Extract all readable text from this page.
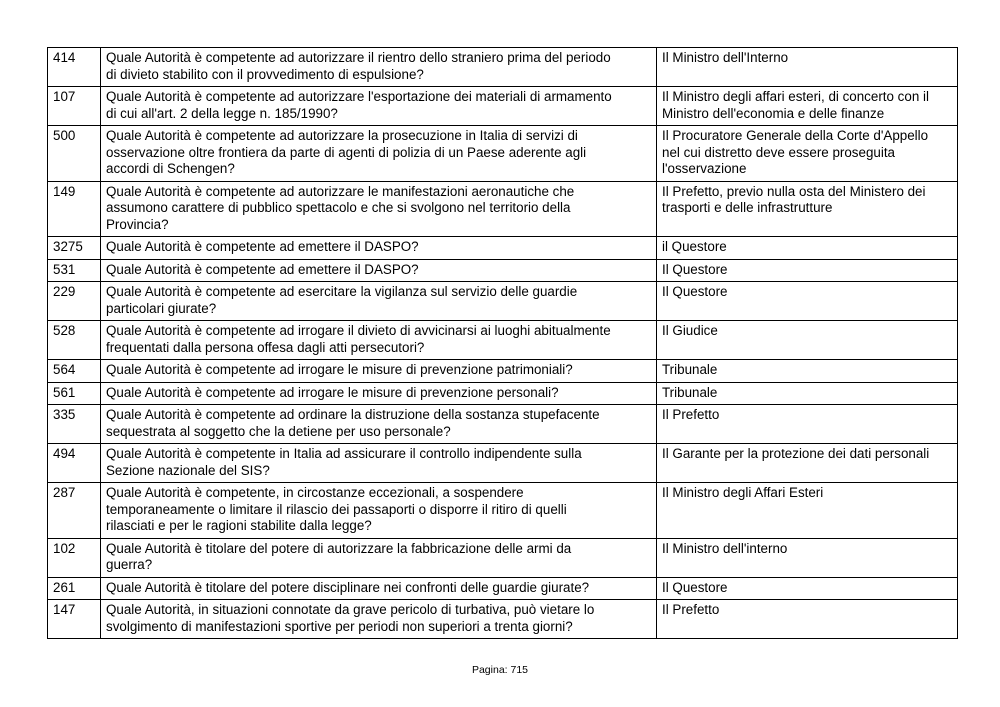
414	Quale Autorità è competente ad autorizzare il rientro dello straniero prima del periodo
di divieto stabilito con il provvedimento di espulsione?	Il Ministro dell'Interno
107	Quale Autorità è competente ad autorizzare l'esportazione dei materiali di armamento
di cui all'art. 2 della legge n. 185/1990?	Il Ministro degli affari esteri, di concerto con il
Ministro dell'economia e delle finanze
500	Quale Autorità è competente ad autorizzare la prosecuzione in Italia di servizi di
osservazione oltre frontiera da parte di agenti di polizia di un Paese aderente agli
accordi di Schengen?	Il Procuratore Generale della Corte d'Appello
nel cui distretto deve essere proseguita
l'osservazione
149	Quale Autorità è competente ad autorizzare le manifestazioni aeronautiche che
assumono carattere di pubblico spettacolo e che si svolgono nel territorio della
Provincia?	Il Prefetto, previo nulla osta del Ministero dei
trasporti e delle infrastrutture
3275	Quale Autorità è competente ad emettere il DASPO?	il Questore
531	Quale Autorità è competente ad emettere il DASPO?	Il Questore
229	Quale Autorità è competente ad esercitare la vigilanza sul servizio delle guardie
particolari giurate?	Il Questore
528	Quale Autorità è competente ad irrogare il divieto di avvicinarsi ai luoghi abitualmente
frequentati dalla persona offesa dagli atti persecutori?	Il Giudice
564	Quale Autorità è competente ad irrogare le misure di prevenzione patrimoniali?	Tribunale
561	Quale Autorità è competente ad irrogare le misure di prevenzione personali?	Tribunale
335	Quale Autorità è competente ad ordinare la distruzione della sostanza stupefacente
sequestrata al soggetto che la detiene per uso personale?	Il Prefetto
494	Quale Autorità è competente in Italia ad assicurare il controllo indipendente sulla
Sezione nazionale del SIS?	Il Garante per la protezione dei dati personali
287	Quale Autorità è competente, in circostanze eccezionali, a sospendere
temporaneamente o limitare il rilascio dei passaporti o disporre il ritiro di quelli
rilasciati e per le ragioni stabilite dalla legge?	Il Ministro degli Affari Esteri
102	Quale Autorità è titolare del potere di autorizzare la fabbricazione delle armi da
guerra?	Il Ministro dell'interno
261	Quale Autorità è titolare del potere disciplinare nei confronti delle guardie giurate?	Il Questore
147	Quale Autorità, in situazioni connotate da grave pericolo di turbativa, può vietare lo
svolgimento di manifestazioni sportive per periodi non superiori a trenta giorni?	Il Prefetto
Pagina: 715
